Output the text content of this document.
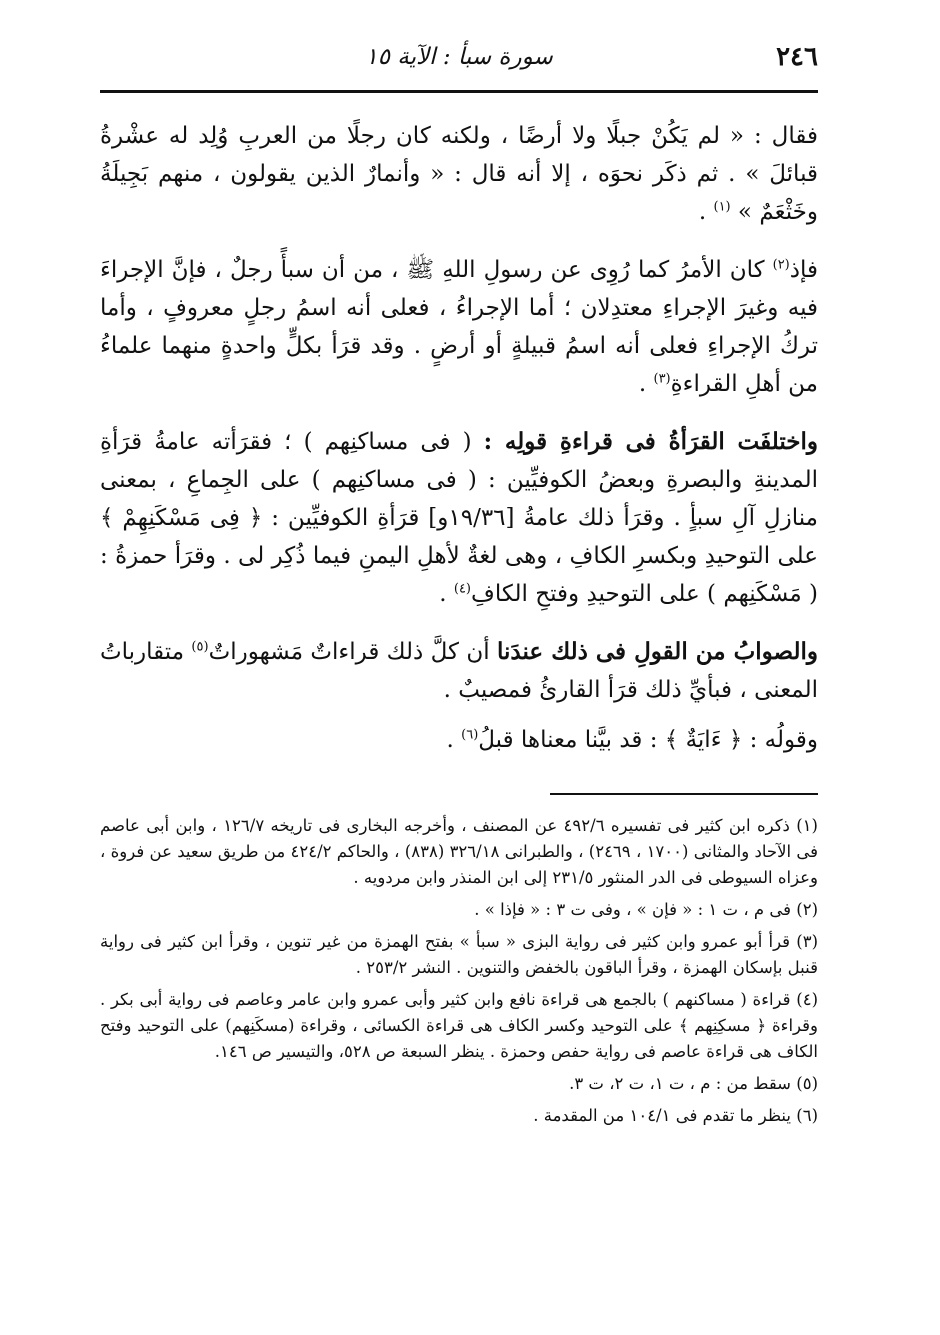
٢٤٦
سورة سبأ : الآية ١٥

فقال : « لم يَكُنْ جبلًا ولا أرضًا ، ولكنه كان رجلًا من العربِ وُلِد له عشْرةُ قبائلَ » . ثم ذكَر نحوَه ، إلا أنه قال : « وأنمارٌ الذين يقولون ، منهم بَجِيلَةُ وخَثْعَمٌ » $^{(١)}$ .

فإذ$^{(٢)}$ كان الأمرُ كما رُوِى عن رسولِ اللهِ ﷺ ، من أن سبأً رجلٌ ، فإنَّ الإجراءَ فيه وغيرَ الإجراءِ معتدِلان ؛ أما الإجراءُ ، فعلى أنه اسمُ رجلٍ معروفٍ ، وأما تركُ الإجراءِ فعلى أنه اسمُ قبيلةٍ أو أرضٍ . وقد قرَأ بكلٍّ واحدةٍ منهما علماءُ من أهلِ القراءةِ$^{(٣)}$ .

واختلفَت القرَأةُ فى قراءةِ قولِه : ( فى مساكنِهم ) ؛ فقرَأته عامةُ قرَأةِ المدينةِ والبصرةِ وبعضُ الكوفيِّين : ( فى مساكنِهم ) على الجِماعِ ، بمعنى منازلِ آلِ سبأٍ . وقرَأ ذلك عامةُ [١٩/٣٦و] قرَأةِ الكوفيِّين : ﴿ فِى مَسْكَنِهِمْ ﴾ على التوحيدِ وبكسرِ الكافِ ، وهى لغةٌ لأهلِ اليمنِ فيما ذُكِر لى . وقرَأ حمزةُ : ( مَسْكَنِهم ) على التوحيدِ وفتحِ الكافِ$^{(٤)}$ .

والصوابُ من القولِ فى ذلك عندَنا أن كلَّ ذلك قراءاتٌ مَشهوراتٌ$^{(٥)}$ متقارباتُ المعنى ، فبأيِّ ذلك قرَأ القارئُ فمصيبٌ .

وقولُه : ﴿ ءَايَةٌ ﴾ : قد بيَّنا معناها قبلُ$^{(٦)}$ .

(١) ذكره ابن كثير فى تفسيره ٤٩٢/٦ عن المصنف ، وأخرجه البخارى فى تاريخه ١٢٦/٧ ، وابن أبى عاصم فى الآحاد والمثانى (١٧٠٠ ، ٢٤٦٩) ، والطبرانى ٣٢٦/١٨ (٨٣٨) ، والحاكم ٤٢٤/٢ من طريق سعيد عن فروة ، وعزاه السيوطى فى الدر المنثور ٢٣١/٥ إلى ابن المنذر وابن مردويه .

(٢) فى م ، ت ١ : « فإن » ، وفى ت ٣ : « فإذا » .

(٣) قرأ أبو عمرو وابن كثير فى رواية البزى « سبأ » بفتح الهمزة من غير تنوين ، وقرأ ابن كثير فى رواية قنبل بإسكان الهمزة ، وقرأ الباقون بالخفض والتنوين . النشر ٢٥٣/٢ .

(٤) قراءة ( مساكنهم ) بالجمع هى قراءة نافع وابن كثير وأبى عمرو وابن عامر وعاصم فى رواية أبى بكر . وقراءة ﴿ مسكِنِهم ﴾ على التوحيد وكسر الكاف هى قراءة الكسائى ، وقراءة (مسكَنِهم) على التوحيد وفتح الكاف هى قراءة عاصم فى رواية حفص وحمزة . ينظر السبعة ص ٥٢٨، والتيسير ص ١٤٦.

(٥) سقط من : م ، ت ١، ت ٢، ت ٣.

(٦) ينظر ما تقدم فى ١٠٤/١ من المقدمة .
